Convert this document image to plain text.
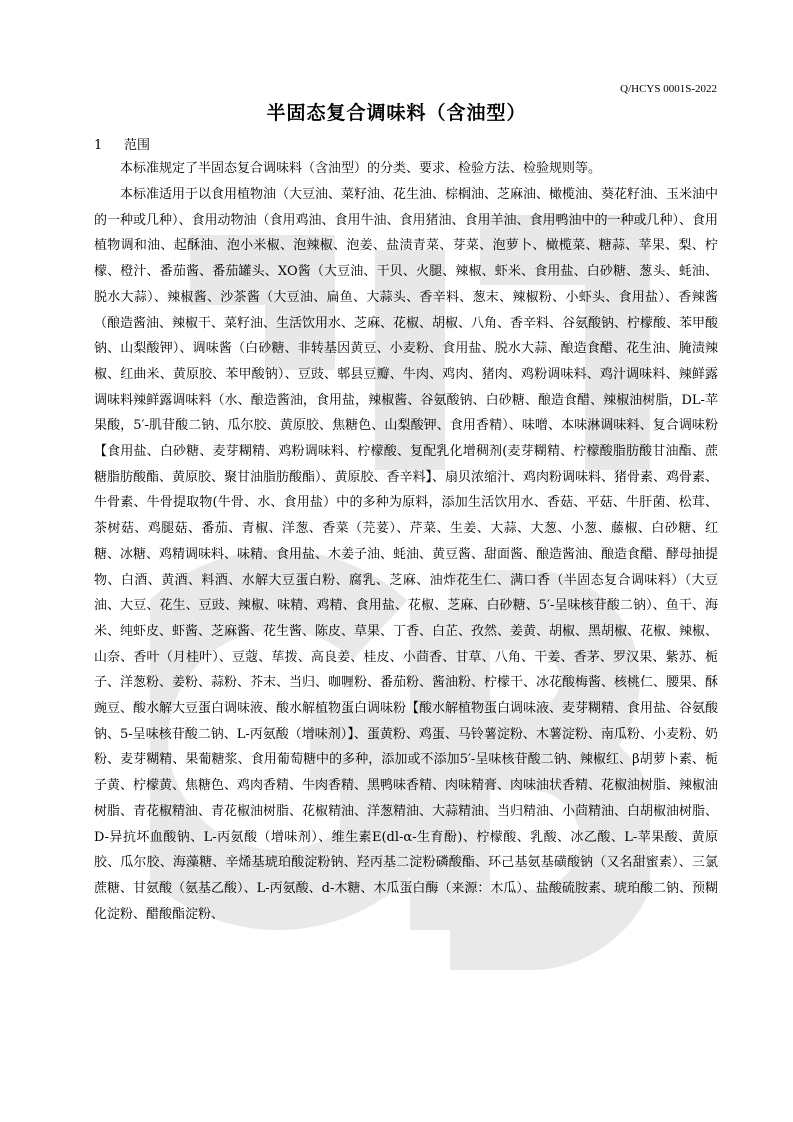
Q/HCYS 0001S-2022
半固态复合调味料（含油型）
1 范围

本标准规定了半固态复合调味料（含油型）的分类、要求、检验方法、检验规则等。

本标准适用于以食用植物油（大豆油、菜籽油、花生油、棕榈油、芝麻油、橄榄油、葵花籽油、玉米油中的一种或几种）、食用动物油（食用鸡油、食用牛油、食用猪油、食用羊油、食用鸭油中的一种或几种）、食用植物调和油、起酥油、泡小米椒、泡辣椒、泡姜、盐渍青菜、芽菜、泡萝卜、橄榄菜、糖蒜、苹果、梨、柠檬、橙汁、番茄酱、番茄罐头、XO酱（大豆油、干贝、火腿、辣椒、虾米、食用盐、白砂糖、葱头、蚝油、脱水大蒜）、辣椒酱、沙茶酱（大豆油、扁鱼、大蒜头、香辛料、葱末、辣椒粉、小虾头、食用盐）、香辣酱（酿造酱油、辣椒干、菜籽油、生活饮用水、芝麻、花椒、胡椒、八角、香辛料、谷氨酸钠、柠檬酸、苯甲酸钠、山梨酸钾）、调味酱（白砂糖、非转基因黄豆、小麦粉、食用盐、脱水大蒜、酿造食醋、花生油、腌渍辣椒、红曲米、黄原胶、苯甲酸钠）、豆豉、郫县豆瓣、牛肉、鸡肉、猪肉、鸡粉调味料、鸡汁调味料、辣鲜露调味料辣鲜露调味料（水、酿造酱油，食用盐，辣椒酱、谷氨酸钠、白砂糖、酿造食醋、辣椒油树脂，DL-苹果酸，5′-肌苷酸二钠、瓜尔胶、黄原胶、焦糖色、山梨酸钾、食用香精）、味噌、本味淋调味料、复合调味粉【食用盐、白砂糖、麦芽糊精、鸡粉调味料、柠檬酸、复配乳化增稠剂(麦芽糊精、柠檬酸脂肪酸甘油酯、蔗糖脂肪酸酯、黄原胶、聚甘油脂肪酸酯）、黄原胶、香辛料】、扇贝浓缩汁、鸡肉粉调味料、猪骨素、鸡骨素、牛骨素、牛骨提取物(牛骨、水、食用盐）中的多种为原料，添加生活饮用水、香菇、平菇、牛肝菌、松茸、茶树菇、鸡腿菇、番茄、青椒、洋葱、香菜（芫荽）、芹菜、生姜、大蒜、大葱、小葱、藤椒、白砂糖、红糖、冰糖、鸡精调味料、味精、食用盐、木姜子油、蚝油、黄豆酱、甜面酱、酿造酱油、酿造食醋、酵母抽提物、白酒、黄酒、料酒、水解大豆蛋白粉、腐乳、芝麻、油炸花生仁、满口香（半固态复合调味料）（大豆油、大豆、花生、豆豉、辣椒、味精、鸡精、食用盐、花椒、芝麻、白砂糖、5′-呈味核苷酸二钠）、鱼干、海米、纯虾皮、虾酱、芝麻酱、花生酱、陈皮、草果、丁香、白芷、孜然、姜黄、胡椒、黑胡椒、花椒、辣椒、山奈、香叶（月桂叶）、豆蔻、荜拨、高良姜、桂皮、小茴香、甘草、八角、干姜、香茅、罗汉果、紫苏、栀子、洋葱粉、姜粉、蒜粉、芥末、当归、咖喱粉、番茄粉、酱油粉、柠檬干、冰花酸梅酱、核桃仁、腰果、酥豌豆、酸水解大豆蛋白调味液、酸水解植物蛋白调味粉【酸水解植物蛋白调味液、麦芽糊精、食用盐、谷氨酸钠、5-呈味核苷酸二钠、L-丙氨酸（增味剂）】、蛋黄粉、鸡蛋、马铃薯淀粉、木薯淀粉、南瓜粉、小麦粉、奶粉、麦芽糊精、果葡糖浆、食用葡萄糖中的多种，添加或不添加5′-呈味核苷酸二钠、辣椒红、β胡萝卜素、栀子黄、柠檬黄、焦糖色、鸡肉香精、牛肉香精、黑鸭味香精、肉味精膏、肉味油状香精、花椒油树脂、辣椒油树脂、青花椒精油、青花椒油树脂、花椒精油、洋葱精油、大蒜精油、当归精油、小茴精油、白胡椒油树脂、D-异抗坏血酸钠、L-丙氨酸（增味剂）、维生素E(dl-α-生育酚)、柠檬酸、乳酸、冰乙酸、L-苹果酸、黄原胶、瓜尔胶、海藻糖、辛烯基琥珀酸淀粉钠、羟丙基二淀粉磷酸酯、环己基氨基磺酸钠（又名甜蜜素）、三氯蔗糖、甘氨酸（氨基乙酸）、L-丙氨酸、d-木糖、木瓜蛋白酶（来源：木瓜）、盐酸硫胺素、琥珀酸二钠、预糊化淀粉、醋酸酯淀粉、
